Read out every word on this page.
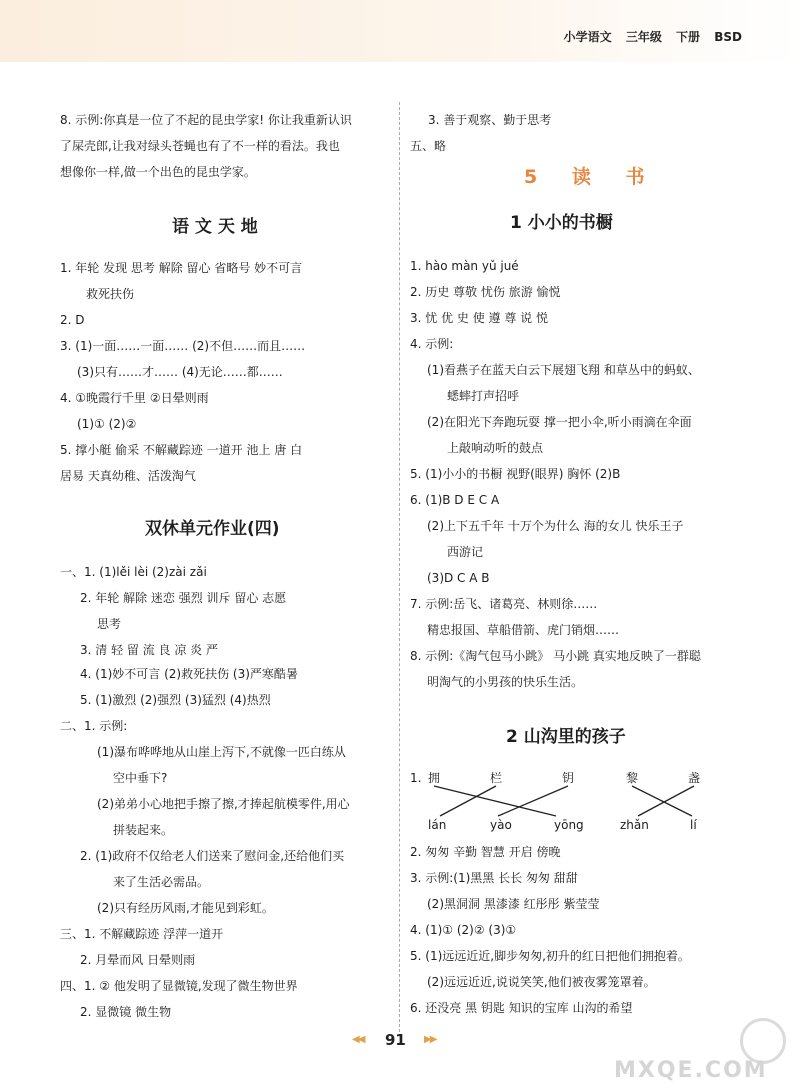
小学语文 三年级 下册 BSD
8. 示例:你真是一位了不起的昆虫学家! 你让我重新认识
了屎壳郎,让我对绿头苍蝇也有了不一样的看法。我也
想像你一样,做一个出色的昆虫学家。
语 文 天 地
1. 年轮 发现 思考 解除 留心 省略号 妙不可言
救死扶伤
2. D
3. (1)一面……一面…… (2)不但……而且……
(3)只有……才…… (4)无论……都……
4. ①晚霞行千里 ②日晕则雨
(1)① (2)②
5. 撑小艇 偷采 不解藏踪迹 一道开 池上 唐 白
居易 天真幼稚、活泼淘气
双休单元作业(四)
一、1. (1)lěi lèi (2)zài zǎi
2. 年轮 解除 迷恋 强烈 训斥 留心 志愿
思考
3. 清 轻 留 流 良 凉 炎 严
4. (1)妙不可言 (2)救死扶伤 (3)严寒酷暑
5. (1)激烈 (2)强烈 (3)猛烈 (4)热烈
二、1. 示例:
(1)瀑布哗哗地从山崖上泻下,不就像一匹白练从
空中垂下?
(2)弟弟小心地把手擦了擦,才捧起航模零件,用心
拼装起来。
2. (1)政府不仅给老人们送来了慰问金,还给他们买
来了生活必需品。
(2)只有经历风雨,才能见到彩虹。
三、1. 不解藏踪迹 浮萍一道开
2. 月晕而风 日晕则雨
四、1. ② 他发明了显微镜,发现了微生物世界
2. 显微镜 微生物
3. 善于观察、勤于思考
五、略
5 读 书
1 小小的书橱
1. hào màn yǔ jué
2. 历史 尊敬 忧伤 旅游 愉悦
3. 忧 优 史 使 遵 尊 说 悦
4. 示例:
(1)看燕子在蓝天白云下展翅飞翔 和草丛中的蚂蚁、
蟋蟀打声招呼
(2)在阳光下奔跑玩耍 撑一把小伞,听小雨滴在伞面
上敲响动听的鼓点
5. (1)小小的书橱 视野(眼界) 胸怀 (2)B
6. (1)B D E C A
(2)上下五千年 十万个为什么 海的女儿 快乐王子
西游记
(3)D C A B
7. 示例:岳飞、诸葛亮、林则徐……
精忠报国、草船借箭、虎门销烟……
8. 示例:《淘气包马小跳》 马小跳 真实地反映了一群聪
明淘气的小男孩的快乐生活。
2 山沟里的孩子
1. 拥	栏	钥	黎	盏
lán	yào	yōng	zhǎn	lí
2. 匆匆 辛勤 智慧 开启 傍晚
3. 示例:(1)黑黑 长长 匆匆 甜甜
(2)黑洞洞 黑漆漆 红彤彤 紫莹莹
4. (1)① (2)② (3)①
5. (1)远远近近,脚步匆匆,初升的红日把他们拥抱着。
(2)远远近近,说说笑笑,他们被夜雾笼罩着。
6. 还没亮 黑 钥匙 知识的宝库 山沟的希望
◀◀ 91 ▶▶
MXQE.COM
